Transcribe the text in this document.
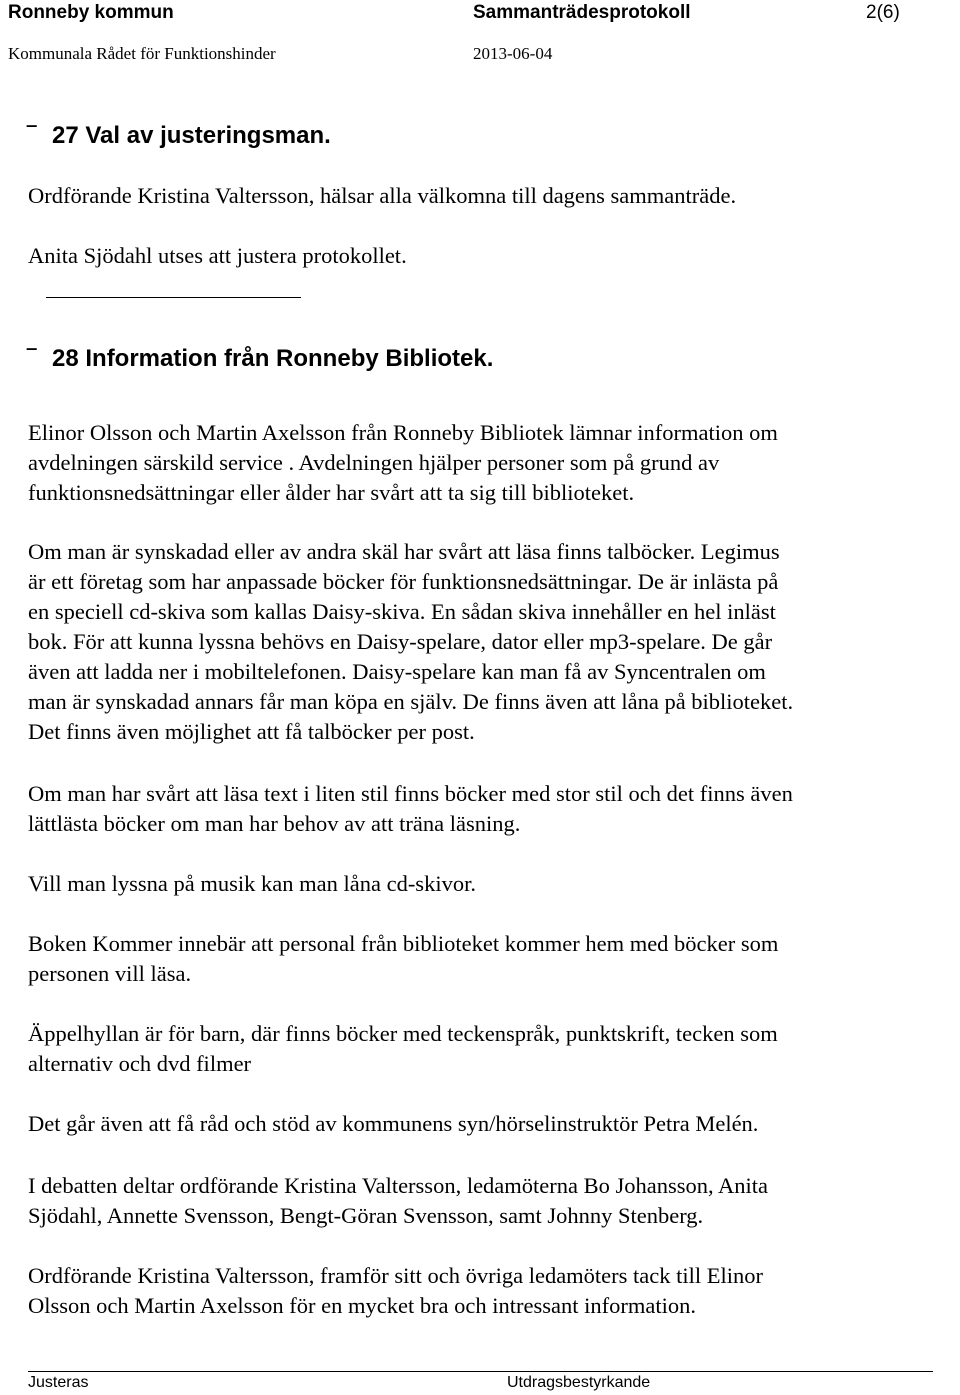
Ronneby kommun	Sammanträdesprotokoll	2(6)
Kommunala Rådet för Funktionshinder	2013-06-04
‾ 27 Val av justeringsman.

Ordförande Kristina Valtersson, hälsar alla välkomna till dagens sammanträde.

Anita Sjödahl utses att justera protokollet.

‾ 28 Information från Ronneby Bibliotek.

Elinor Olsson och Martin Axelsson från Ronneby Bibliotek lämnar information om
avdelningen särskild service . Avdelningen hjälper personer som på grund av
funktionsnedsättningar eller ålder har svårt att ta sig till biblioteket.

Om man är synskadad eller av andra skäl har svårt att läsa finns talböcker. Legimus
är ett företag som har anpassade böcker för funktionsnedsättningar. De är inlästa på
en speciell cd-skiva som kallas Daisy-skiva. En sådan skiva innehåller en hel inläst
bok. För att kunna lyssna behövs en Daisy-spelare, dator eller mp3-spelare. De går
även att ladda ner i mobiltelefonen. Daisy-spelare kan man få av Syncentralen om
man är synskadad annars får man köpa en själv. De finns även att låna på biblioteket.
Det finns även möjlighet att få talböcker per post.

Om man har svårt att läsa text i liten stil finns böcker med stor stil och det finns även
lättlästa böcker om man har behov av att träna läsning.

Vill man lyssna på musik kan man låna cd-skivor.

Boken Kommer innebär att personal från biblioteket kommer hem med böcker som
personen vill läsa.

Äppelhyllan är för barn, där finns böcker med teckenspråk, punktskrift, tecken som
alternativ och dvd filmer

Det går även att få råd och stöd av kommunens syn/hörselinstruktör Petra Melén.

I debatten deltar ordförande Kristina Valtersson, ledamöterna Bo Johansson, Anita
Sjödahl, Annette Svensson, Bengt-Göran Svensson, samt Johnny Stenberg.

Ordförande Kristina Valtersson, framför sitt och övriga ledamöters tack till Elinor
Olsson och Martin Axelsson för en mycket bra och intressant information.

Justeras	Utdragsbestyrkande
